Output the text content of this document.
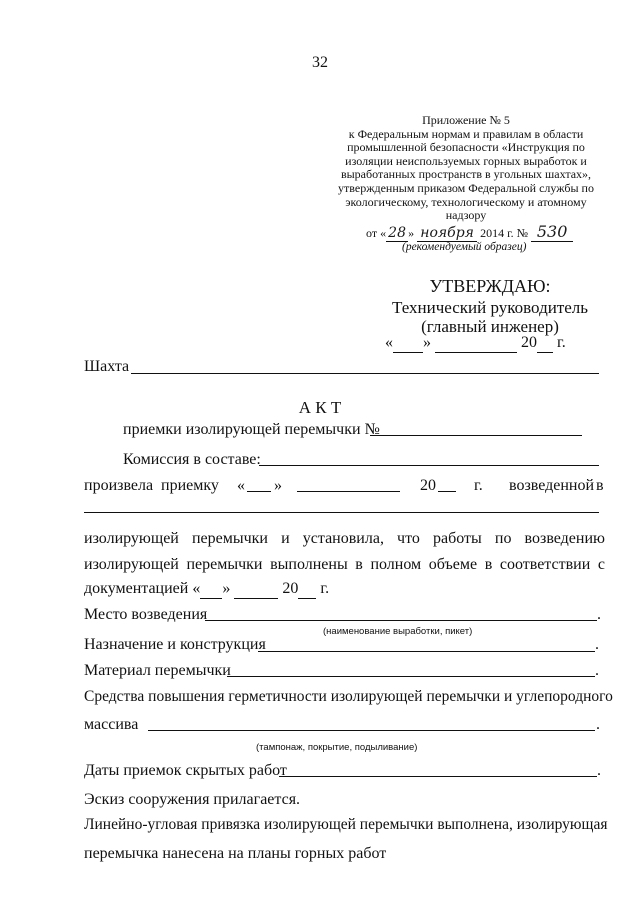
32
Приложение № 5
к Федеральным нормам и правилам в области
промышленной безопасности «Инструкция по
изоляции неиспользуемых горных выработок и
выработанных пространств в угольных шахтах»,
утвержденным приказом Федеральной службы по
экологическому, технологическому и атомному
надзору
от « 28 » ноября 2014 г. № 530
(рекомендуемый образец)
УТВЕРЖДАЮ:
Технический руководитель
(главный инженер)
« »	20 г.
Шахта
А К Т
приемки изолирующей перемычки №
Комиссия в составе:
произвела приемку « »	20 г. возведенной в
изолирующей перемычки и установила, что работы по возведению
изолирующей перемычки выполнены в полном объеме в соответствии с
документацией « »	20 г.
Место возведения	.
(наименование выработки, пикет)
Назначение и конструкция	.
Материал перемычки	.
Средства повышения герметичности изолирующей перемычки и углепородного
массива	.
(тампонаж, покрытие, подыливание)
Даты приемок скрытых работ	.
Эскиз сооружения прилагается.
Линейно-угловая привязка изолирующей перемычки выполнена, изолирующая
перемычка нанесена на планы горных работ
